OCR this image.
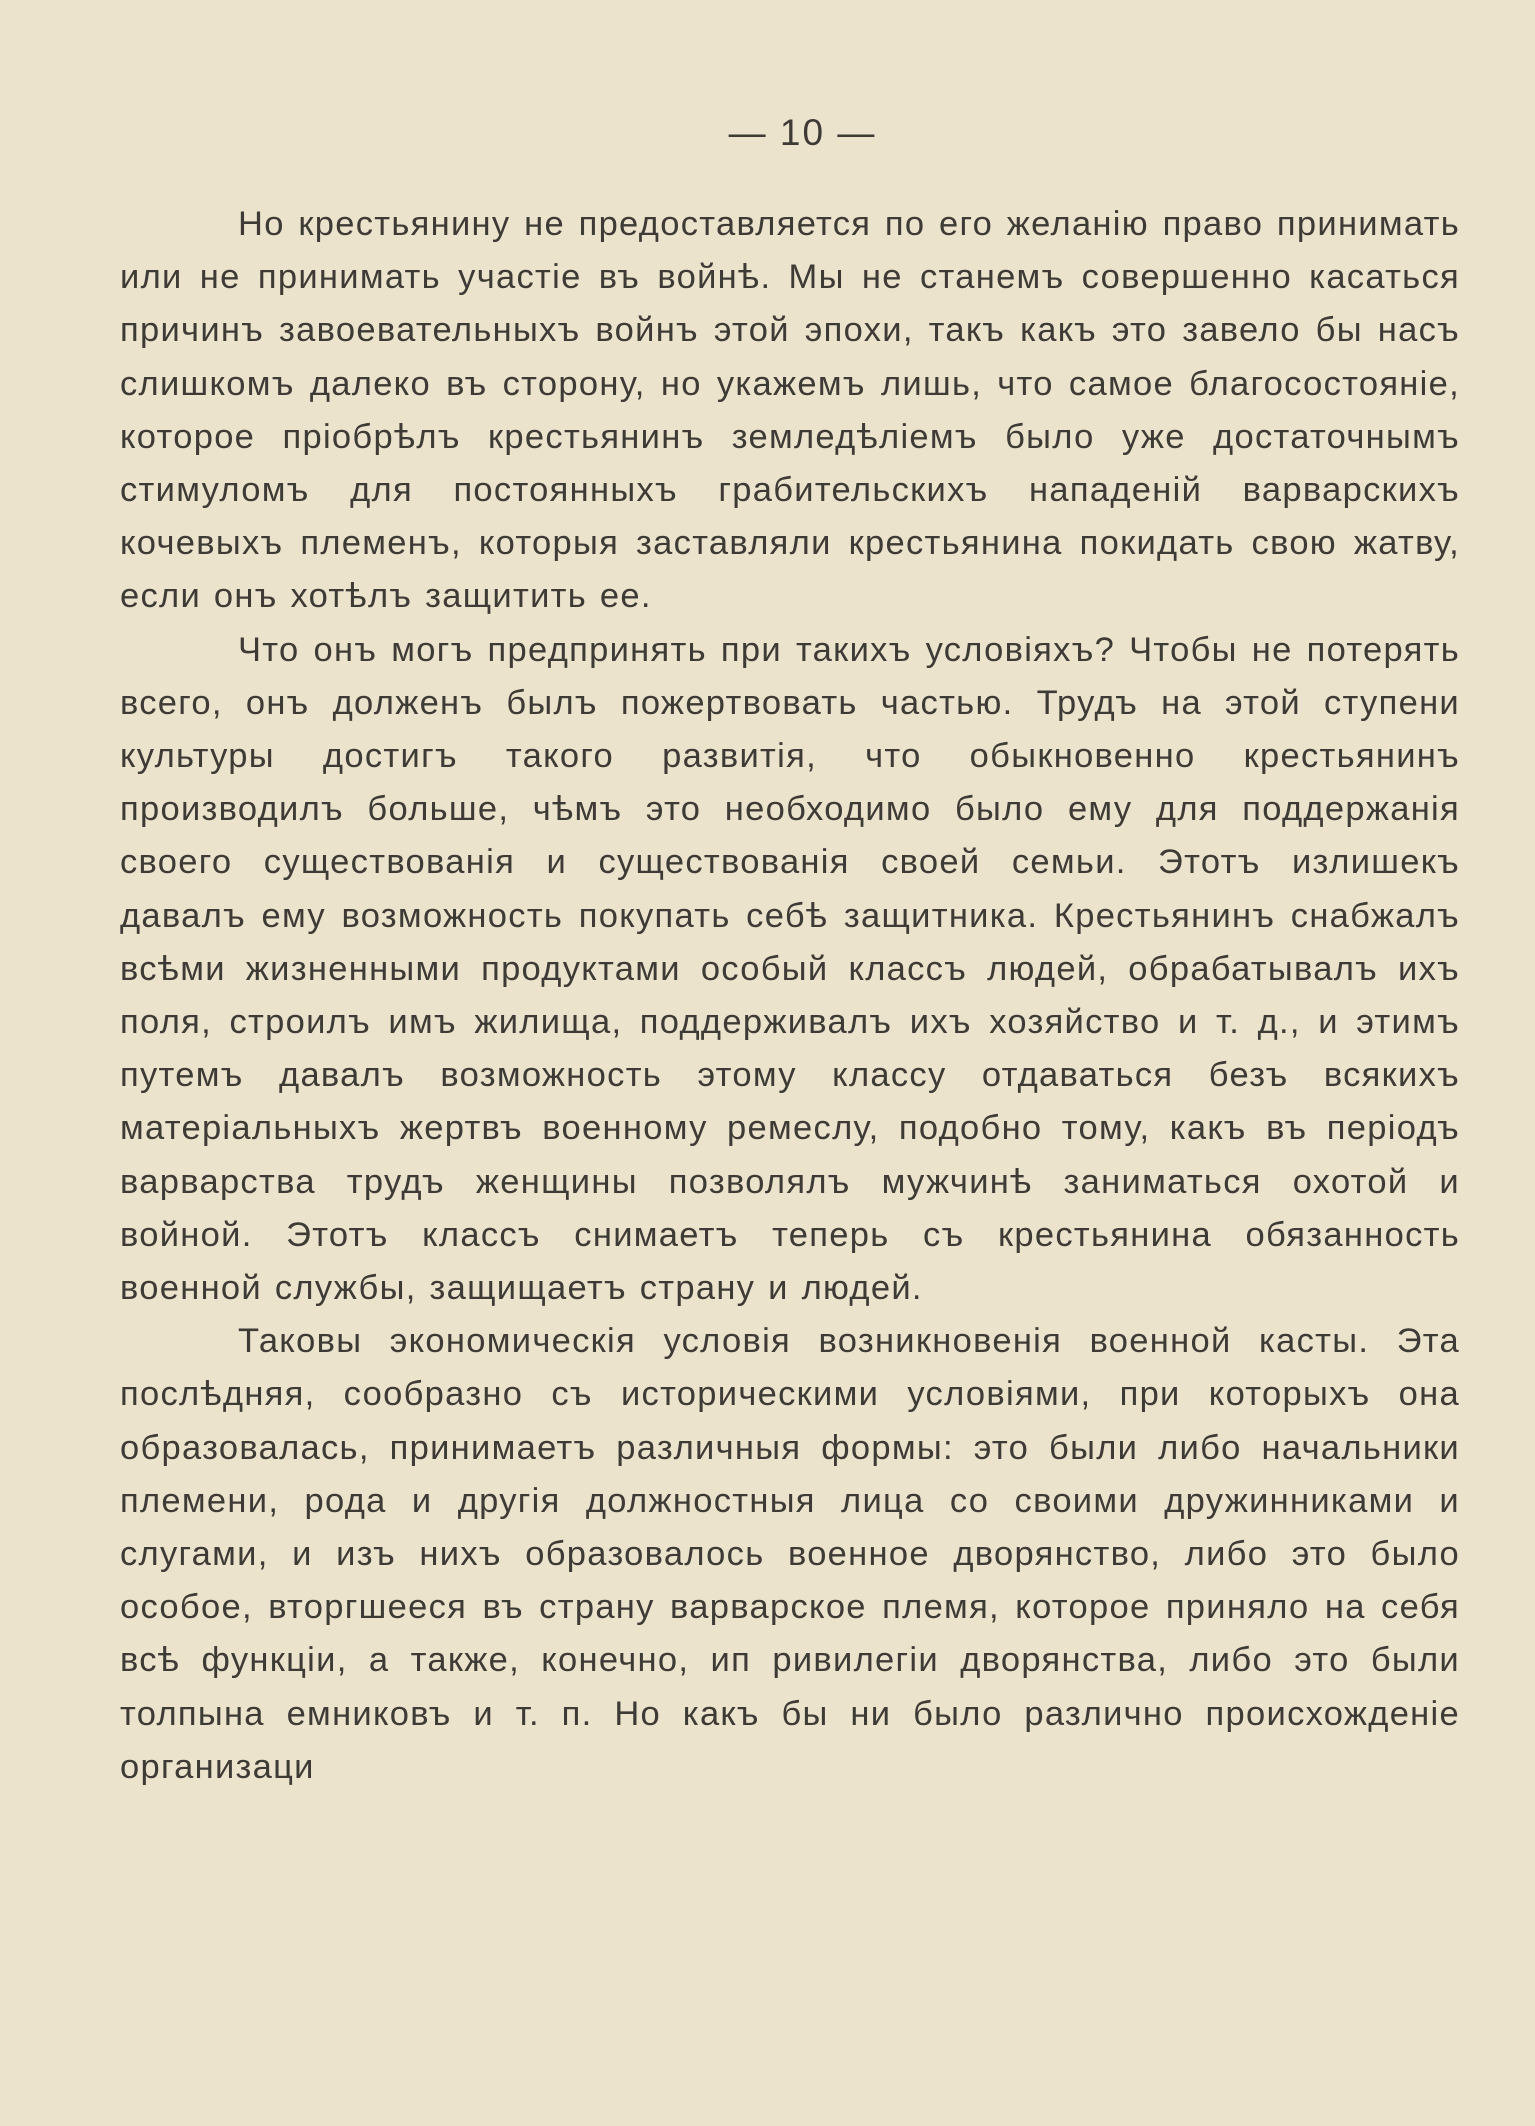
— 10 —

Но крестьянину не предоставляется по его желанію право принимать или не принимать участіе въ войнѣ. Мы не станемъ совершенно касаться причинъ завоевательныхъ войнъ этой эпохи, такъ какъ это завело бы насъ слишкомъ далеко въ сторону, но укажемъ лишь, что самое благосостояніе, которое пріобрѣлъ крестьянинъ земледѣліемъ было уже достаточнымъ стимуломъ для постоянныхъ грабительскихъ нападеній варварскихъ кочевыхъ племенъ, которыя заставляли крестьянина покидать свою жатву, если онъ хотѣлъ защитить ее.

Что онъ могъ предпринять при такихъ условіяхъ? Чтобы не потерять всего, онъ долженъ былъ пожертвовать частью. Трудъ на этой ступени культуры достигъ такого развитія, что обыкновенно крестьянинъ производилъ больше, чѣмъ это необходимо было ему для поддержанія своего существованія и существованія своей семьи. Этотъ излишекъ давалъ ему возможность покупать себѣ защитника. Крестьянинъ снабжалъ всѣми жизненными продуктами особый классъ людей, обрабатывалъ ихъ поля, строилъ имъ жилища, поддерживалъ ихъ хозяйство и т. д., и этимъ путемъ давалъ возможность этому классу отдаваться безъ всякихъ матеріальныхъ жертвъ военному ремеслу, подобно тому, какъ въ періодъ варварства трудъ женщины позволялъ мужчинѣ заниматься охотой и войной. Этотъ классъ снимаетъ теперь съ крестьянина обязанность военной службы, защищаетъ страну и людей.

Таковы экономическія условія возникновенія военной касты. Эта послѣдняя, сообразно съ историческими условіями, при которыхъ она образовалась, принимаетъ различныя формы: это были либо начальники племени, рода и другія должностныя лица со своими дружинниками и слугами, и изъ нихъ образовалось военное дворянство, либо это было особое, вторгшееся въ страну варварское племя, которое приняло на себя всѣ функціи, а также, конечно, ип ривилегіи дворянства, либо это были толпына емниковъ и т. п. Но какъ бы ни было различно происхожденіе организаци
